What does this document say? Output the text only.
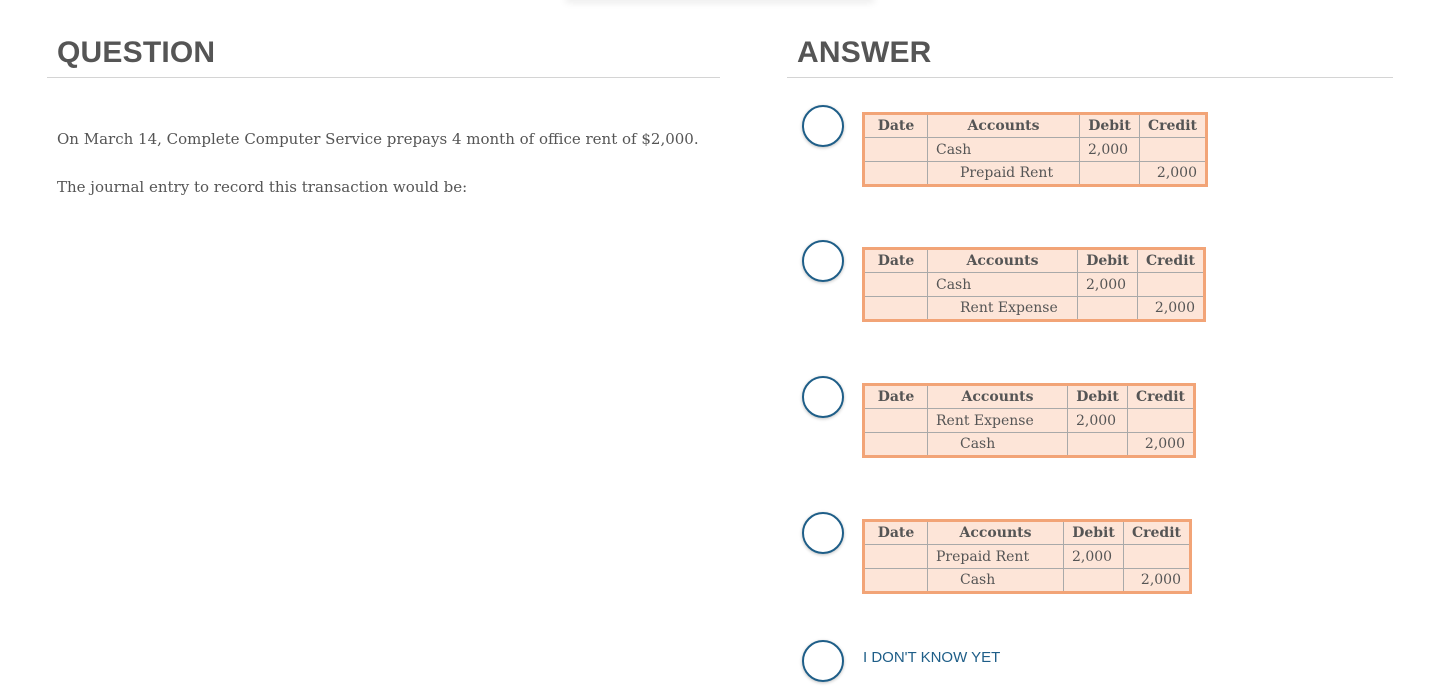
QUESTION	ANSWER

On March 14, Complete Computer Service prepays 4 month of office rent of $2,000.

The journal entry to record this transaction would be:

Date	Accounts	Debit	Credit
	Cash	2,000	
	Prepaid Rent		2,000
Date	Accounts	Debit	Credit
	Cash	2,000	
	Rent Expense		2,000
Date	Accounts	Debit	Credit
	Rent Expense	2,000	
	Cash		2,000
Date	Accounts	Debit	Credit
	Prepaid Rent	2,000	
	Cash		2,000
I DON'T KNOW YET
